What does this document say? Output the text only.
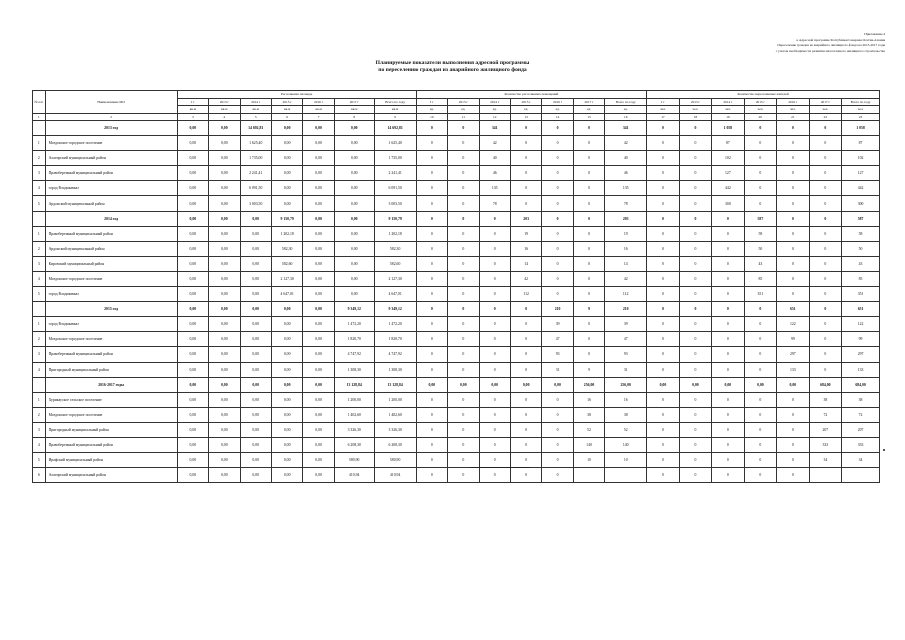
Приложение 4
к Адресной программе Республики Северная Осетия-Алания
Переселение граждан из аварийного жилищного фонда на 2013-2017 годы
с учетом необходимости развития малоэтажного жилищного строительства
Планируемые показатели выполнения адресной программы
по переселению граждан из аварийного жилищного фонда
№ п/п	Наименование МО	Расселяемая площадь							Количество расселяемых помещений							Количество переселяемых жителей						
		I г	2013 г	2014 г	2015 г	2016 г	2017 г	Всего по году	I г	2013 г	2014 г	2015 г	2016 г	2017 г	Всего по году	I г	2013 г	2014 г	2015 г	2016 г	2017 г	Всего по году
		кв.м	кв.м	кв.м	кв.м	кв.м	кв.м	кв.м	ед.	ед.	ед.	ед.	ед.	ед.	ед.	чел.	чел.	чел.	чел.	чел.	чел.	чел.
1	2	3	4	5	6	7	8	9	10	11	12	13	14	15	16	17	18	19	20	21	22	23
	2013 год	0,00	0,00	14 692,81	0,00	0,00	0,00	14 692,81	0	0	341	0	0	0	341	0	0	1 058	0	0	0	1 058
1	Моздокское городское поселение	0,00	0,00	1 625,40	0,00	0,00	0,00	1 625,40	0	0	42	0	0	0	42	0	0	87	0	0	0	87
2	Алагирский муниципальный район	0,00	0,00	1 735,00	0,00	0,00	0,00	1 735,00	0	0	40	0	0	0	40	0	0	102	0	0	0	102
3	Правобережный муниципальный район	0,00	0,00	2 241,41	0,00	0,00	0,00	2 241,41	0	0	46	0	0	0	46	0	0	127	0	0	0	127
4	город Владикавказ	0,00	0,00	6 091,50	0,00	0,00	0,00	6 091,50	0	0	135	0	0	0	135	0	0	442	0	0	0	442
5	Ардонский муниципальный район	0,00	0,00	3 003,50	0,00	0,00	0,00	3 003,50	0	0	78	0	0	0	78	0	0	300	0	0	0	300
	2014 год	0,00	0,00	0,00	9 150,79	0,00	0,00	9 150,79	0	0	0	203	0	0	203	0	0	0	587	0	0	587
1	Правобережный муниципальный район	0,00	0,00	0,00	1 202,18	0,00	0,00	1 202,18	0	0	0	19	0	0	19	0	0	0	58	0	0	58
2	Ардонский муниципальный район	0,00	0,00	0,00	582,30	0,00	0,00	582,30	0	0	0	16	0	0	16	0	0	0	50	0	0	50
3	Кировский муниципальный район	0,00	0,00	0,00	582,60	0,00	0,00	582,60	0	0	0	14	0	0	14	0	0	0	43	0	0	43
4	Моздокское городское поселение	0,00	0,00	0,00	2 127,30	0,00	0,00	2 127,30	0	0	0	42	0	0	42	0	0	0	85	0	0	85
5	город Владикавказ	0,00	0,00	0,00	4 647,01	0,00	0,00	4 647,01	0	0	0	112	0	0	112	0	0	0	351	0	0	351
	2015 год	0,00	0,00	0,00	0,00	0,00	9 349,12	9 349,12	0	0	0	0	210	9	210	0	0	0	0	651	0	651
1	город Владикавказ	0,00	0,00	0,00	0,00	0,00	1 472,20	1 472,20	0	0	0	0	39	0	39	0	0	0	0	122	0	122
2	Моздокское городское поселение	0,00	0,00	0,00	0,00	0,00	1 820,70	1 820,70	0	0	0	0	47	0	47	0	0	0	0	99	0	99
3	Правобережный муниципальный район	0,00	0,00	0,00	0,00	0,00	4 747,92	4 747,92	0	0	0	0	93	0	93	0	0	0	0	297	0	297
4	Пригородный муниципальный район	0,00	0,00	0,00	0,00	0,00	1 308,30	1 308,30	0	0	0	0	31	9	31	0	0	0	0	133	0	133
	2016-2017 годы	0,00	0,00	0,00	0,00	0,00	13 128,84	13 128,84	0,00	0,00	0,00	0,00	0,00	256,00	256,00	0,00	0,00	0,00	0,00	0,00	684,00	684,00
1	Хурикауское сельское поселение	0,00	0,00	0,00	0,00	0,00	1 200,00	1 200,00	0	0	0	0	0	16	16	0	0	0	0	0	38	38
2	Моздокское городское поселение	0,00	0,00	0,00	0,00	0,00	1 402,60	1 402,60	0	0	0	0	0	38	38	0	0	0	0	0	72	72
3	Пригородный муниципальный район	0,00	0,00	0,00	0,00	0,00	3 326,30	3 326,30	0	0	0	0	0	52	52	0	0	0	0	0	207	207
4	Правобережный муниципальный район	0,00	0,00	0,00	0,00	0,00	6 208,30	6 208,30	0	0	0	0	0	140	140	0	0	0	0	0	333	333
5	Ирафский муниципальный район	0,00	0,00	0,00	0,00	0,00	580,90	580,90	0	0	0	0	0	10	10	0	0	0	0	0	34	34
6	Алагирский муниципальный район	0,00	0,00	0,00	0,00	0,00	410,94	410,94	0	0	0	0	0			0	0	0	0	0		
